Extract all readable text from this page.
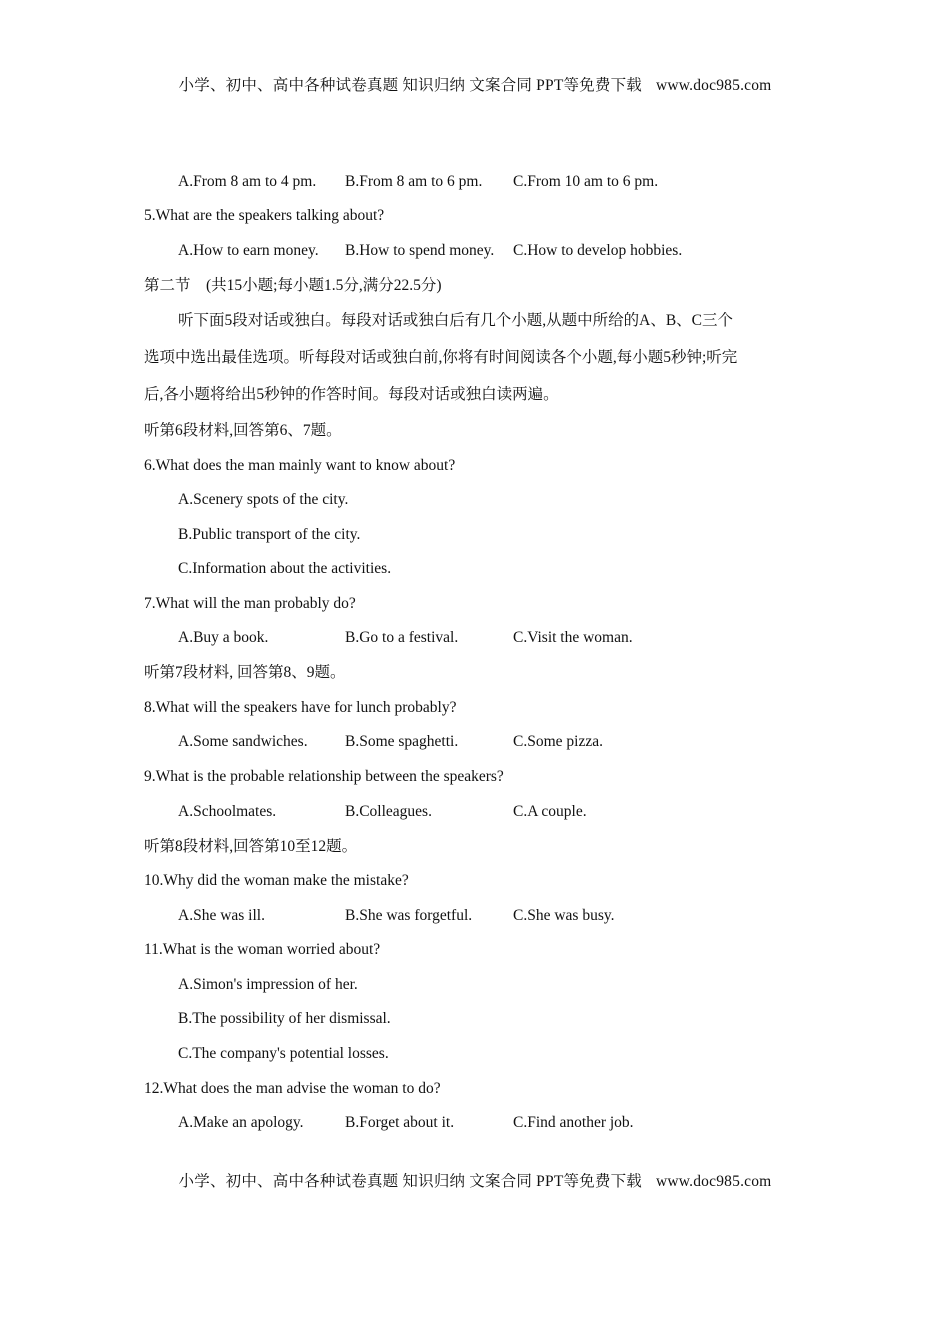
小学、初中、高中各种试卷真题 知识归纳 文案合同 PPT等免费下载 www.doc985.com
A.From 8 am to 4 pm. B.From 8 am to 6 pm. C.From 10 am to 6 pm.
5.What are the speakers talking about?
A.How to earn money. B.How to spend money. C.How to develop hobbies.
第二节　(共15小题;每小题1.5分,满分22.5分)
听下面5段对话或独白。每段对话或独白后有几个小题,从题中所给的A、B、C三个
选项中选出最佳选项。听每段对话或独白前,你将有时间阅读各个小题,每小题5秒钟;听完
后,各小题将给出5秒钟的作答时间。每段对话或独白读两遍。
听第6段材料,回答第6、7题。
6.What does the man mainly want to know about?
A.Scenery spots of the city.
B.Public transport of the city.
C.Information about the activities.
7.What will the man probably do?
A.Buy a book.	B.Go to a festival.	C.Visit the woman.
听第7段材料, 回答第8、9题。
8.What will the speakers have for lunch probably?
A.Some sandwiches. B.Some spaghetti.	C.Some pizza.
9.What is the probable relationship between the speakers?
A.Schoolmates.	B.Colleagues.	C.A couple.
听第8段材料,回答第10至12题。
10.Why did the woman make the mistake?
A.She was ill.	B.She was forgetful.	C.She was busy.
11.What is the woman worried about?
A.Simon's impression of her.
B.The possibility of her dismissal.
C.The company's potential losses.
12.What does the man advise the woman to do?
A.Make an apology.	B.Forget about it.	C.Find another job.
小学、初中、高中各种试卷真题 知识归纳 文案合同 PPT等免费下载 www.doc985.com
